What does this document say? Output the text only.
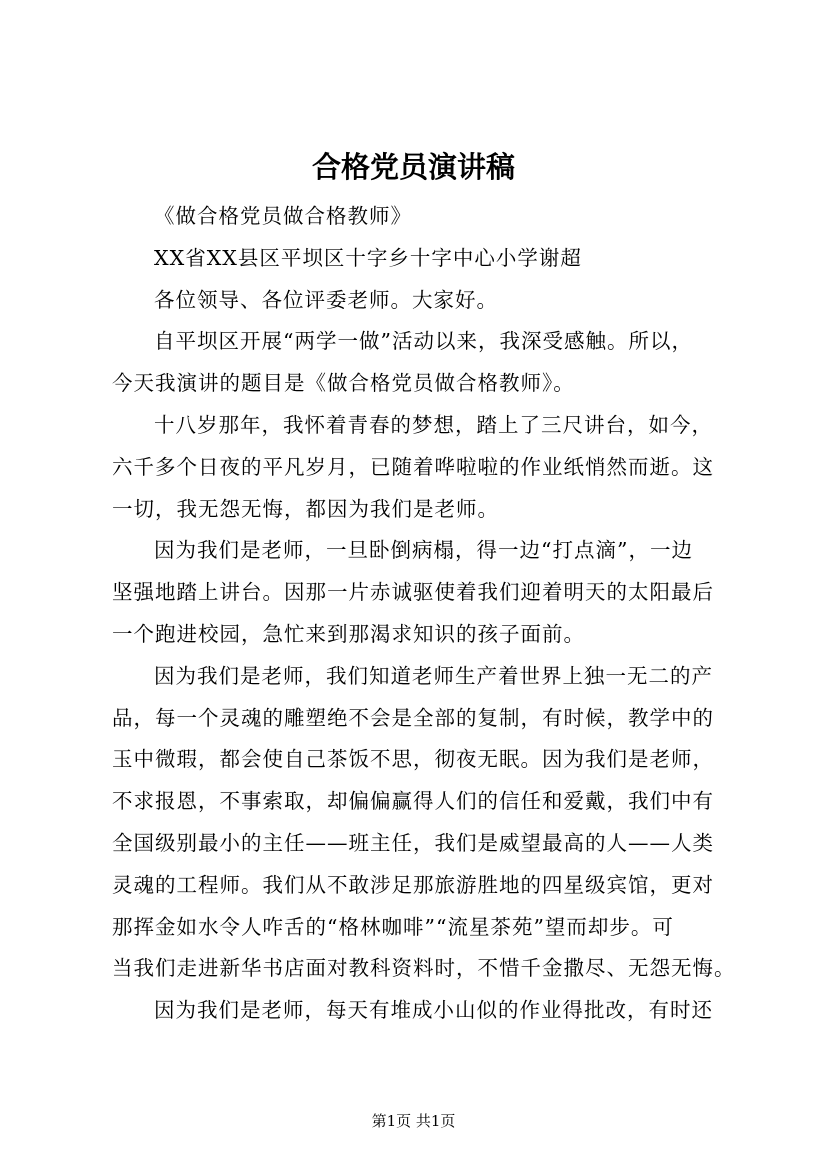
合格党员演讲稿
《做合格党员做合格教师》
XX省XX县区平坝区十字乡十字中心小学谢超
各位领导、各位评委老师。大家好。
自平坝区开展“两学一做”活动以来，我深受感触。所以，
今天我演讲的题目是《做合格党员做合格教师》。
十八岁那年，我怀着青春的梦想，踏上了三尺讲台，如今，
六千多个日夜的平凡岁月，已随着哗啦啦的作业纸悄然而逝。这
一切，我无怨无悔，都因为我们是老师。
因为我们是老师，一旦卧倒病榻，得一边“打点滴”，一边
坚强地踏上讲台。因那一片赤诚驱使着我们迎着明天的太阳最后
一个跑进校园，急忙来到那渴求知识的孩子面前。
因为我们是老师，我们知道老师生产着世界上独一无二的产
品，每一个灵魂的雕塑绝不会是全部的复制，有时候，教学中的
玉中微瑕，都会使自己茶饭不思，彻夜无眠。因为我们是老师，
不求报恩，不事索取，却偏偏赢得人们的信任和爱戴，我们中有
全国级别最小的主任——班主任，我们是威望最高的人——人类
灵魂的工程师。我们从不敢涉足那旅游胜地的四星级宾馆，更对
那挥金如水令人咋舌的“格林咖啡”“流星茶苑”望而却步。可
当我们走进新华书店面对教科资料时，不惜千金撒尽、无怨无悔。
因为我们是老师，每天有堆成小山似的作业得批改，有时还
第1页 共1页
